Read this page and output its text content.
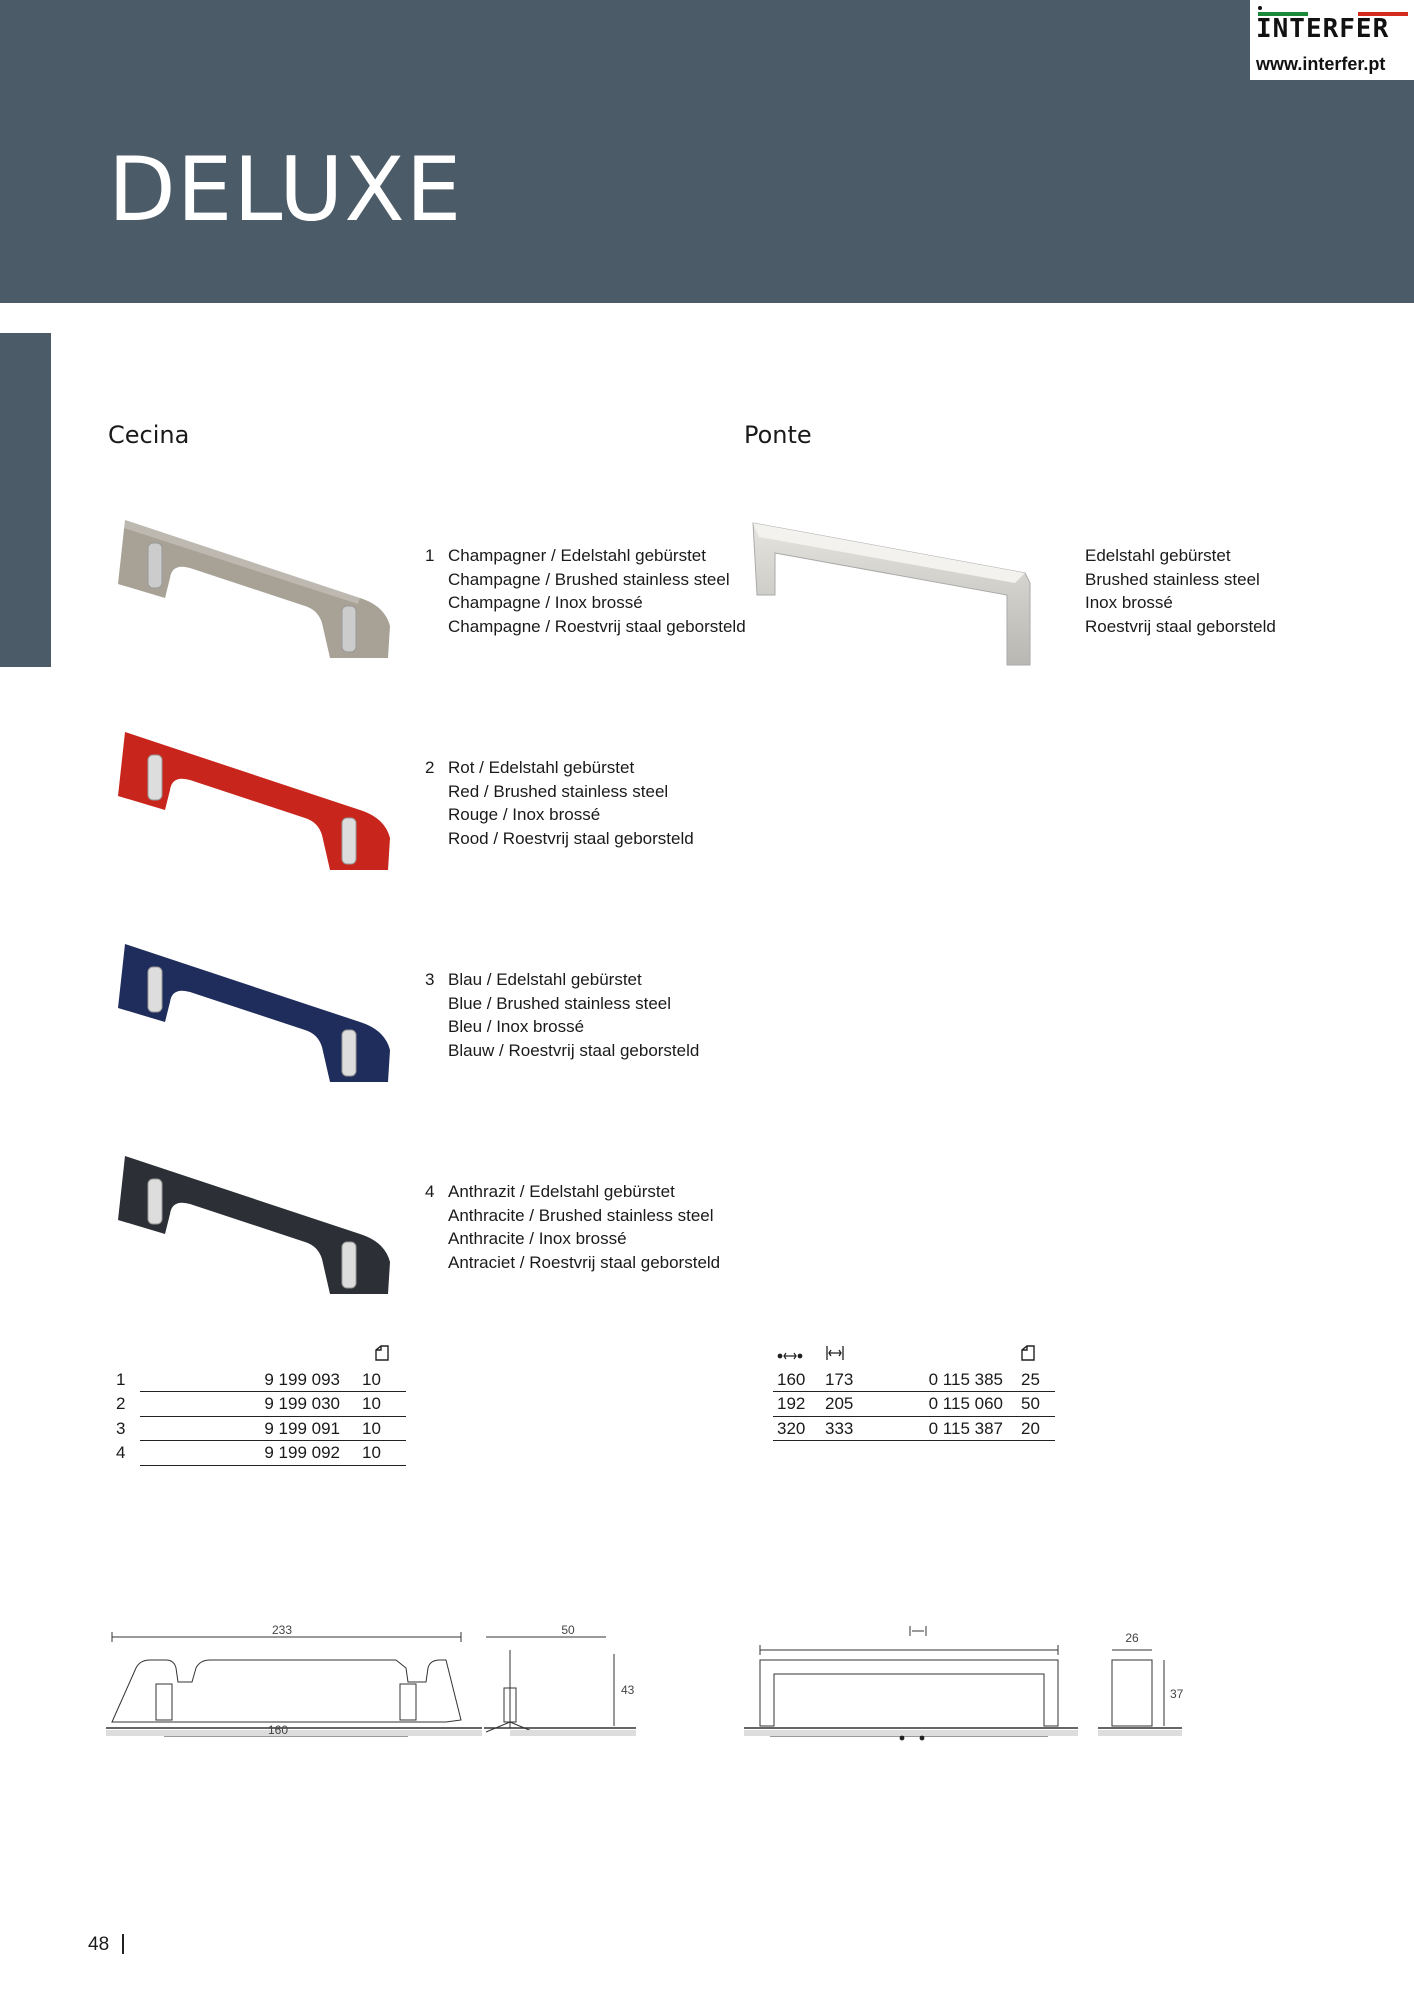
DELUXE
INTERFER
www.interfer.pt
Cecina	Ponte
1 Champagner / Edelstahl gebürstet
Champagne / Brushed stainless steel
Champagne / Inox brossé
Champagne / Roestvrij staal geborsteld
2 Rot / Edelstahl gebürstet
Red / Brushed stainless steel
Rouge / Inox brossé
Rood / Roestvrij staal geborsteld
3 Blau / Edelstahl gebürstet
Blue / Brushed stainless steel
Bleu / Inox brossé
Blauw / Roestvrij staal geborsteld
4 Anthrazit / Edelstahl gebürstet
Anthracite / Brushed stainless steel
Anthracite / Inox brossé
Antraciet / Roestvrij staal geborsteld
Edelstahl gebürstet
Brushed stainless steel
Inox brossé
Roestvrij staal geborsteld

1	9 199 093	10
2	9 199 030	10
3	9 199 091	10
4	9 199 092	10

160	173	0 115 385	25
192	205	0 115 060	50
320	333	0 115 387	20
233
160
50
43
26
37
48
